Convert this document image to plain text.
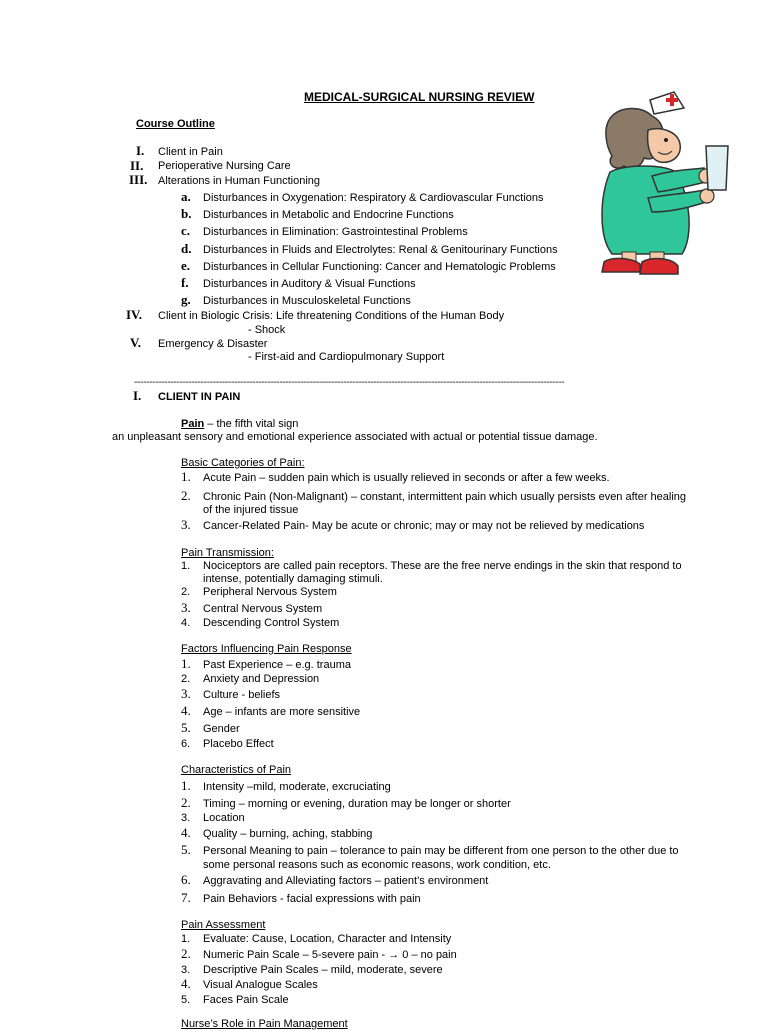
MEDICAL-SURGICAL NURSING REVIEW
Course Outline
I. Client in Pain
II. Perioperative Nursing Care
III. Alterations in Human Functioning
a. Disturbances in Oxygenation: Respiratory & Cardiovascular Functions
b. Disturbances in Metabolic and Endocrine Functions
c. Disturbances in Elimination: Gastrointestinal Problems
d. Disturbances in Fluids and Electrolytes: Renal & Genitourinary Functions
e. Disturbances in Cellular Functioning: Cancer and Hematologic Problems
f. Disturbances in Auditory & Visual Functions
g. Disturbances in Musculoskeletal Functions
IV. Client in Biologic Crisis: Life threatening Conditions of the Human Body
- Shock
V. Emergency & Disaster
- First-aid and Cardiopulmonary Support
----------------------------------------------------------------------------------------------------------------------------------------------
I. CLIENT IN PAIN
Pain – the fifth vital sign
an unpleasant sensory and emotional experience associated with actual or potential tissue damage.
Basic Categories of Pain:
1. Acute Pain – sudden pain which is usually relieved in seconds or after a few weeks.
2. Chronic Pain (Non-Malignant) – constant, intermittent pain which usually persists even after healing
of the injured tissue
3. Cancer-Related Pain- May be acute or chronic; may or may not be relieved by medications
Pain Transmission:
1. Nociceptors are called pain receptors. These are the free nerve endings in the skin that respond to
intense, potentially damaging stimuli.
2. Peripheral Nervous System
3. Central Nervous System
4. Descending Control System
Factors Influencing Pain Response
1. Past Experience – e.g. trauma
2. Anxiety and Depression
3. Culture - beliefs
4. Age – infants are more sensitive
5. Gender
6. Placebo Effect
Characteristics of Pain
1. Intensity –mild, moderate, excruciating
2. Timing – morning or evening, duration may be longer or shorter
3. Location
4. Quality – burning, aching, stabbing
5. Personal Meaning to pain – tolerance to pain may be different from one person to the other due to
some personal reasons such as economic reasons, work condition, etc.
6. Aggravating and Alleviating factors – patient’s environment
7. Pain Behaviors - facial expressions with pain
Pain Assessment
1. Evaluate: Cause, Location, Character and Intensity
2. Numeric Pain Scale – 5-severe pain - → 0 – no pain
3. Descriptive Pain Scales – mild, moderate, severe
4. Visual Analogue Scales
5. Faces Pain Scale
Nurse’s Role in Pain Management
